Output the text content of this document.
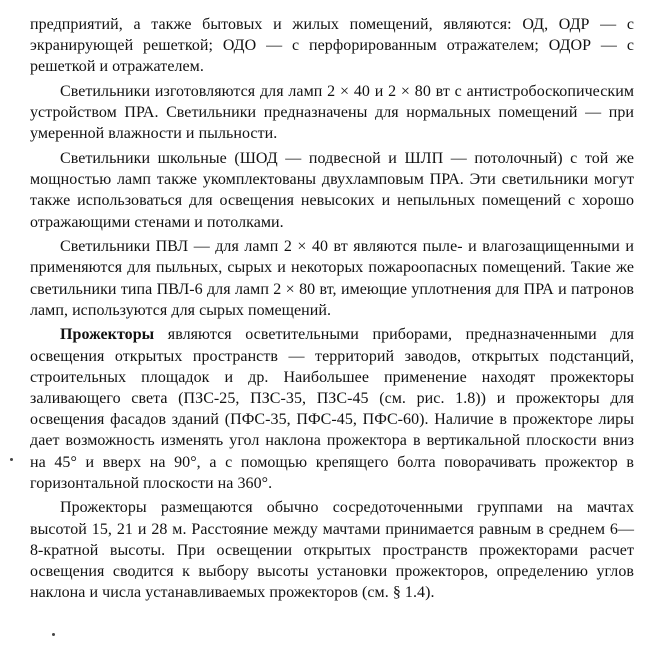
предприятий, а также бытовых и жилых помещений, являются: ОД, ОДР — с экранирующей решеткой; ОДО — с перфорированным отражателем; ОДОР — с решеткой и отражателем.

Светильники изготовляются для ламп 2 × 40 и 2 × 80 вт с антистробоскопическим устройством ПРА. Светильники предназначены для нормальных помещений — при умеренной влажности и пыльности.

Светильники школьные (ШОД — подвесной и ШЛП — потолочный) с той же мощностью ламп также укомплектованы двухламповым ПРА. Эти светильники могут также использоваться для освещения невысоких и непыльных помещений с хорошо отражающими стенами и потолками.

Светильники ПВЛ — для ламп 2 × 40 вт являются пыле- и влагозащищенными и применяются для пыльных, сырых и некоторых пожароопасных помещений. Такие же светильники типа ПВЛ-6 для ламп 2 × 80 вт, имеющие уплотнения для ПРА и патронов ламп, используются для сырых помещений.

Прожекторы являются осветительными приборами, предназначенными для освещения открытых пространств — территорий заводов, открытых подстанций, строительных площадок и др. Наибольшее применение находят прожекторы заливающего света (ПЗС-25, ПЗС-35, ПЗС-45 (см. рис. 1.8)) и прожекторы для освещения фасадов зданий (ПФС-35, ПФС-45, ПФС-60). Наличие в прожекторе лиры дает возможность изменять угол наклона прожектора в вертикальной плоскости вниз на 45° и вверх на 90°, а с помощью крепящего болта поворачивать прожектор в горизонтальной плоскости на 360°.

Прожекторы размещаются обычно сосредоточенными группами на мачтах высотой 15, 21 и 28 м. Расстояние между мачтами принимается равным в среднем 6—8-кратной высоты. При освещении открытых пространств прожекторами расчет освещения сводится к выбору высоты установки прожекторов, определению углов наклона и числа устанавливаемых прожекторов (см. § 1.4).
